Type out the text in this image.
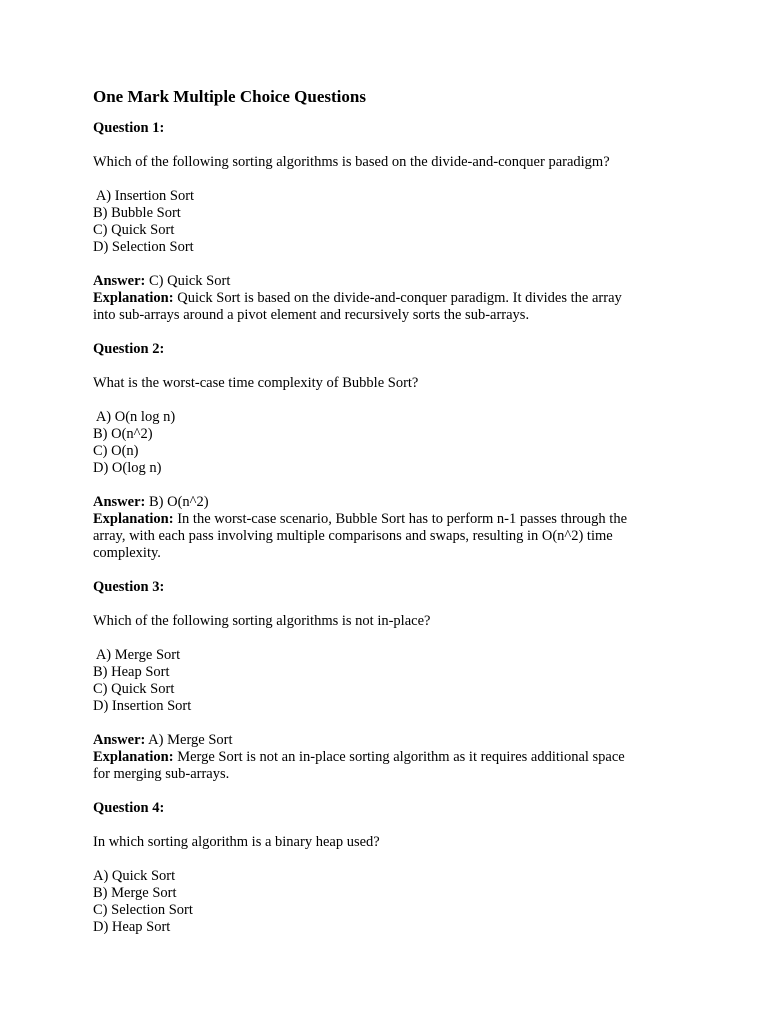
One Mark Multiple Choice Questions
Question 1:
Which of the following sorting algorithms is based on the divide-and-conquer paradigm?
A) Insertion Sort
B) Bubble Sort
C) Quick Sort
D) Selection Sort
Answer: C) Quick Sort
Explanation: Quick Sort is based on the divide-and-conquer paradigm. It divides the array
into sub-arrays around a pivot element and recursively sorts the sub-arrays.
Question 2:
What is the worst-case time complexity of Bubble Sort?
A) O(n log n)
B) O(n^2)
C) O(n)
D) O(log n)
Answer: B) O(n^2)
Explanation: In the worst-case scenario, Bubble Sort has to perform n-1 passes through the
array, with each pass involving multiple comparisons and swaps, resulting in O(n^2) time
complexity.
Question 3:
Which of the following sorting algorithms is not in-place?
A) Merge Sort
B) Heap Sort
C) Quick Sort
D) Insertion Sort
Answer: A) Merge Sort
Explanation: Merge Sort is not an in-place sorting algorithm as it requires additional space
for merging sub-arrays.
Question 4:
In which sorting algorithm is a binary heap used?
A) Quick Sort
B) Merge Sort
C) Selection Sort
D) Heap Sort
